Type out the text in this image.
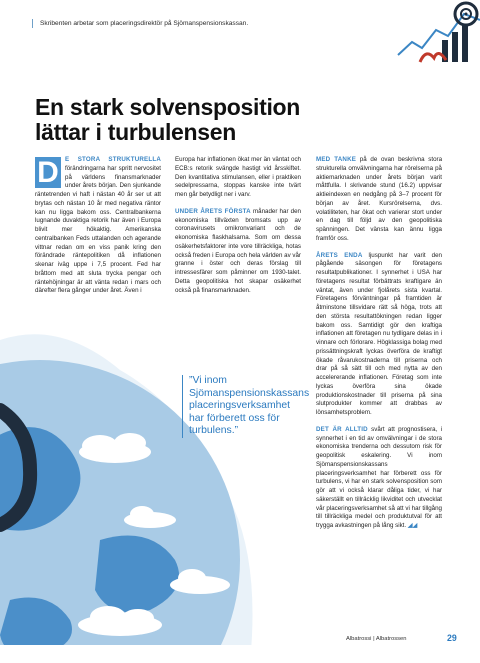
Skribenten arbetar som placeringsdirektör på Sjömanspensionskassan.
En stark solvensposition lättar i turbulensen

D E STORA STRUKTURELLA förändringarna har spritt nervositet på världens finansmarknader under årets början. Den sjunkande räntetrenden vi haft i nästan 40 år ser ut att brytas och nästan 10 år med negativa räntor kan nu ligga bakom oss. Centralbankerna lugnande duvaktiga retorik har även i Europa blivit mer hökaktig. Amerikanska centralbanken Feds uttalanden och agerande vittnar redan om en viss panik kring den förändrade räntepolitiken då inflationen skenar iväg uppe i 7,5 procent. Fed har bråttom med att sluta trycka pengar och räntehöjningar är att vänta redan i mars och därefter flera gånger under året. Även i

Europa har inflationen ökat mer än väntat och ECB:s retorik svängde hastigt vid årsskiftet. Den kvantitativa stimulansen, eller i praktiken sedelpressarna, stoppas kanske inte tvärt men går betydligt ner i varv.

UNDER ÅRETS FÖRSTA månader har den ekonomiska tillväxten bromsats upp av coronavirusets omikronvariant och de ekonomiska flaskhalsarna. Som om dessa osäkerhetsfaktorer inte vore tillräckliga, hotas också freden i Europa och hela världen av vår granne i öster och deras förslag till intressesfärer som påminner om 1930-talet. Detta geopolitiska hot skapar osäkerhet också på finansmarknaden.

”Vi inom Sjömanspensionskassans placeringsverksamhet har förberett oss för turbulens.”

MED TANKE på de ovan beskrivna stora strukturella omvälvningarna har rörelserna på aktiemarknaden under årets början varit måttfulla. I skrivande stund (16.2) uppvisar aktieindexen en nedgång på 3–7 procent för början av året. Kursrörelserna, dvs. volatiliteten, har ökat och varierar stort under en dag till följd av den geopolitiska spänningen. Det vänsta kan ännu ligga framför oss.

ÅRETS ENDA ljuspunkt har varit den pågående säsongen för företagens resultatpublikationer. I synnerhet i USA har företagens resultat förbättrats kraftigare än väntat, även under fjolårets sista kvartal. Företagens förväntningar på framtiden är åtminstone tillsvidare rätt så höga, trots att den största resultattökningen redan ligger bakom oss. Samtidigt gör den kraftiga inflationen att företagen nu tydligare delas in i vinnare och förlorare. Högklassiga bolag med prissättningskraft lyckas överföra de kraftigt ökade råvarukostnaderna till priserna och drar på så sätt till och med nytta av den accelererande inflationen. Företag som inte lyckas överföra sina ökade produktionskostnader till priserna på sina slutprodukter kommer att drabbas av lönsamhetsproblem.

DET ÄR ALLTID svårt att prognostisera, i synnerhet i en tid av omvälvningar i de stora ekonomiska trenderna och dessutom risk för geopolitisk eskalering. Vi inom Sjömanspensionskassans placeringsverksamhet har förberett oss för turbulens, vi har en stark solvensposition som gör att vi också klarar dåliga tider, vi har säkerställt en tillräcklig likviditet och utvecklat vår placeringsverksamhet så att vi har tillgång till tillräckliga medel och produktutval för att trygga avkastningen på lång sikt. ◢◢

Albatrossi | Albatrossen	29
